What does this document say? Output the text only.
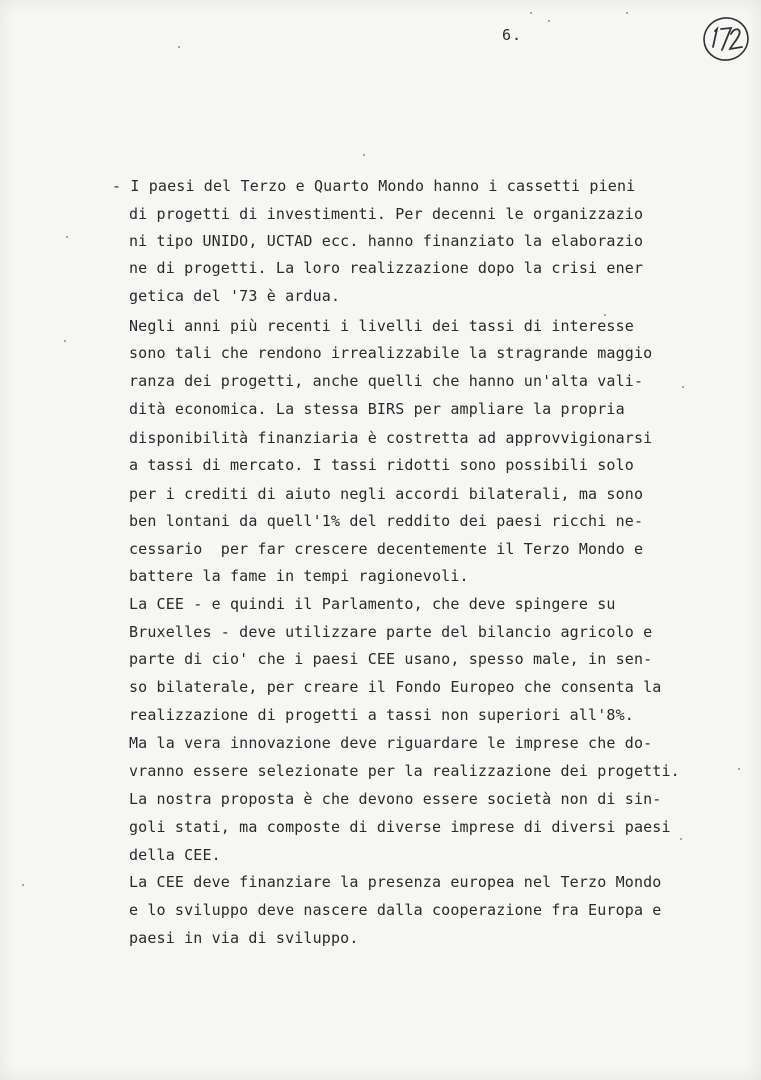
6.
- I paesi del Terzo e Quarto Mondo hanno i cassetti pieni
di progetti di investimenti. Per decenni le organizzazio
ni tipo UNIDO, UCTAD ecc. hanno finanziato la elaborazio
ne di progetti. La loro realizzazione dopo la crisi ener
getica del '73 è ardua.
Negli anni più recenti i livelli dei tassi di interesse
sono tali che rendono irrealizzabile la stragrande maggio
ranza dei progetti, anche quelli che hanno un'alta vali-
dità economica. La stessa BIRS per ampliare la propria
disponibilità finanziaria è costretta ad approvvigionarsi
a tassi di mercato. I tassi ridotti sono possibili solo
per i crediti di aiuto negli accordi bilaterali, ma sono
ben lontani da quell'1% del reddito dei paesi ricchi ne-
cessario  per far crescere decentemente il Terzo Mondo e
battere la fame in tempi ragionevoli.
La CEE - e quindi il Parlamento, che deve spingere su
Bruxelles - deve utilizzare parte del bilancio agricolo e
parte di cio' che i paesi CEE usano, spesso male, in sen-
so bilaterale, per creare il Fondo Europeo che consenta la
realizzazione di progetti a tassi non superiori all'8%.
Ma la vera innovazione deve riguardare le imprese che do-
vranno essere selezionate per la realizzazione dei progetti.
La nostra proposta è che devono essere società non di sin-
goli stati, ma composte di diverse imprese di diversi paesi
della CEE.
La CEE deve finanziare la presenza europea nel Terzo Mondo
e lo sviluppo deve nascere dalla cooperazione fra Europa e
paesi in via di sviluppo.
